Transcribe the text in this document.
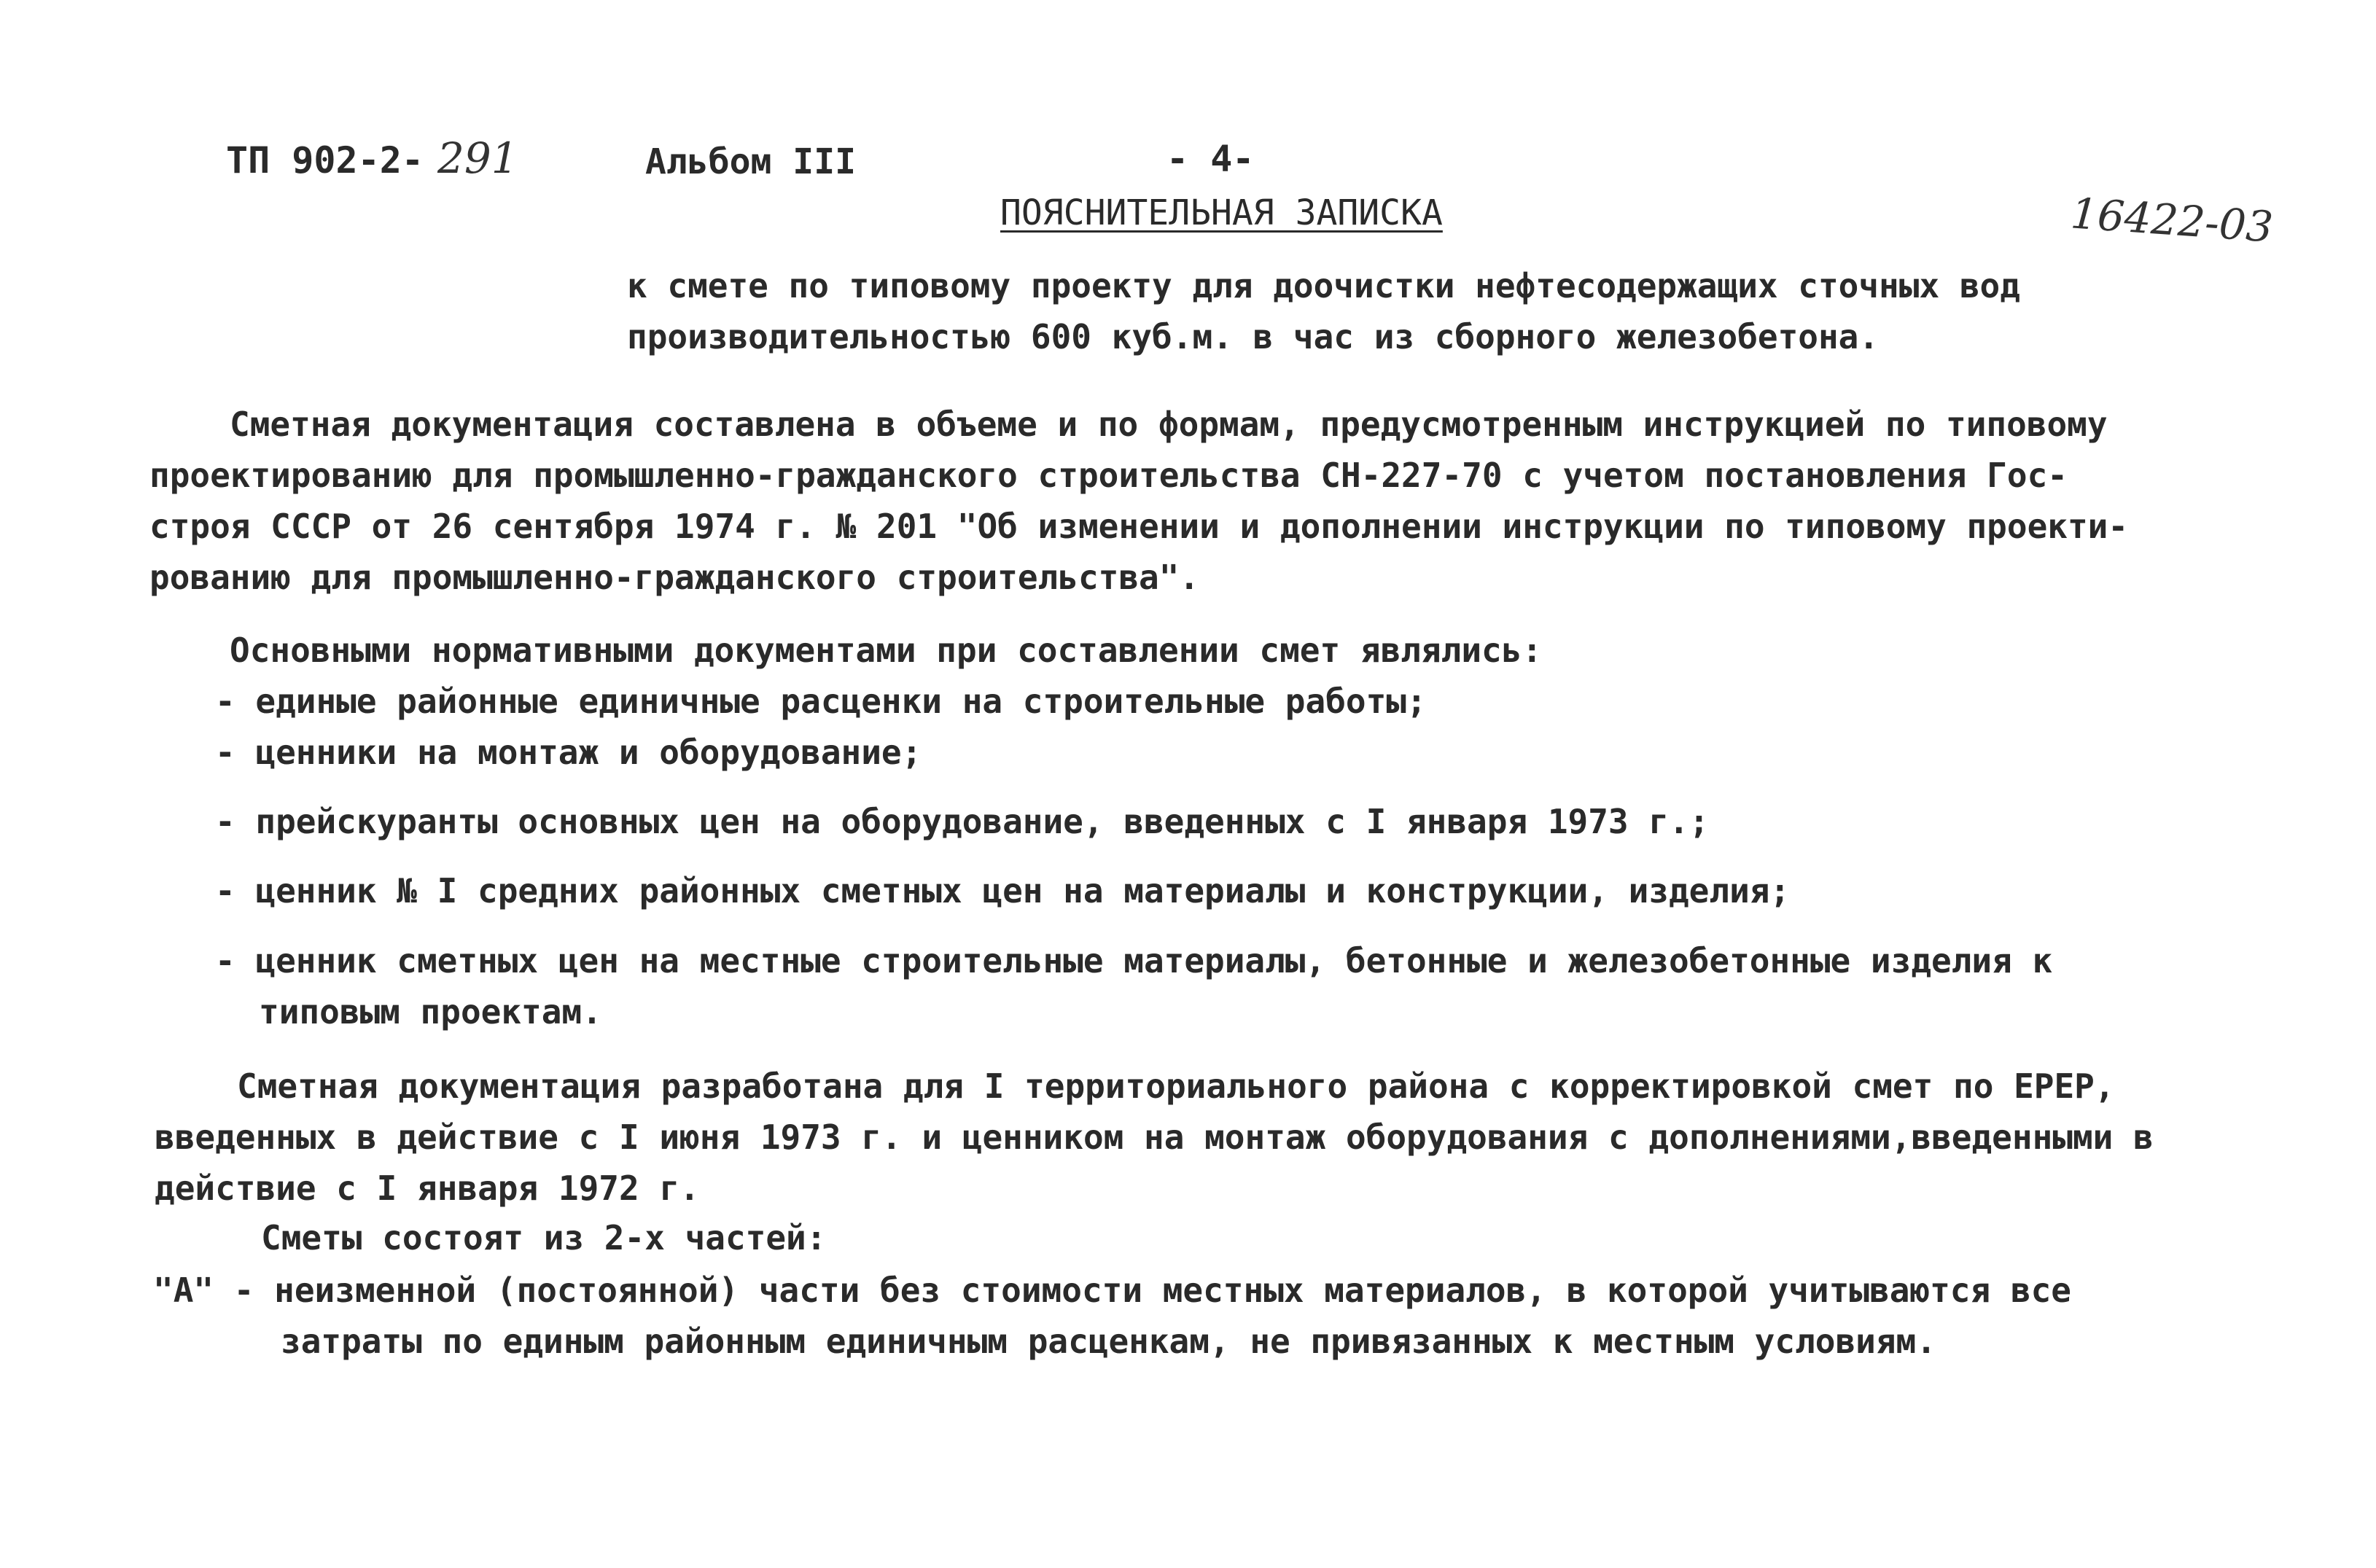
ТП 902-2- 291	Альбом III	- 4-
16422-03
ПОЯСНИТЕЛЬНАЯ ЗАПИСКА
к смете по типовому проекту для доочистки нефтесодержащих сточных вод
производительностью 600 куб.м. в час из сборного железобетона.
Сметная документация составлена в объеме и по формам, предусмотренным инструкцией по типовому
проектированию для промышленно-гражданского строительства СН-227-70 с учетом постановления Гос-
строя СССР от 26 сентября 1974 г. № 201 "Об изменении и дополнении инструкции по типовому проекти-
рованию для промышленно-гражданского строительства".
Основными нормативными документами при составлении смет являлись:
- единые районные единичные расценки на строительные работы;
- ценники на монтаж и оборудование;
- прейскуранты основных цен на оборудование, введенных с I января 1973 г.;
- ценник № I средних районных сметных цен на материалы и конструкции, изделия;
- ценник сметных цен на местные строительные материалы, бетонные и железобетонные изделия к
типовым проектам.
Сметная документация разработана для I территориального района с корректировкой смет по ЕРЕР,
введенных в действие с I июня 1973 г. и ценником на монтаж оборудования с дополнениями,введенными в
действие с I января 1972 г.
Сметы состоят из 2-х частей:
"А" - неизменной (постоянной) части без стоимости местных материалов, в которой учитываются все
затраты по единым районным единичным расценкам, не привязанных к местным условиям.
